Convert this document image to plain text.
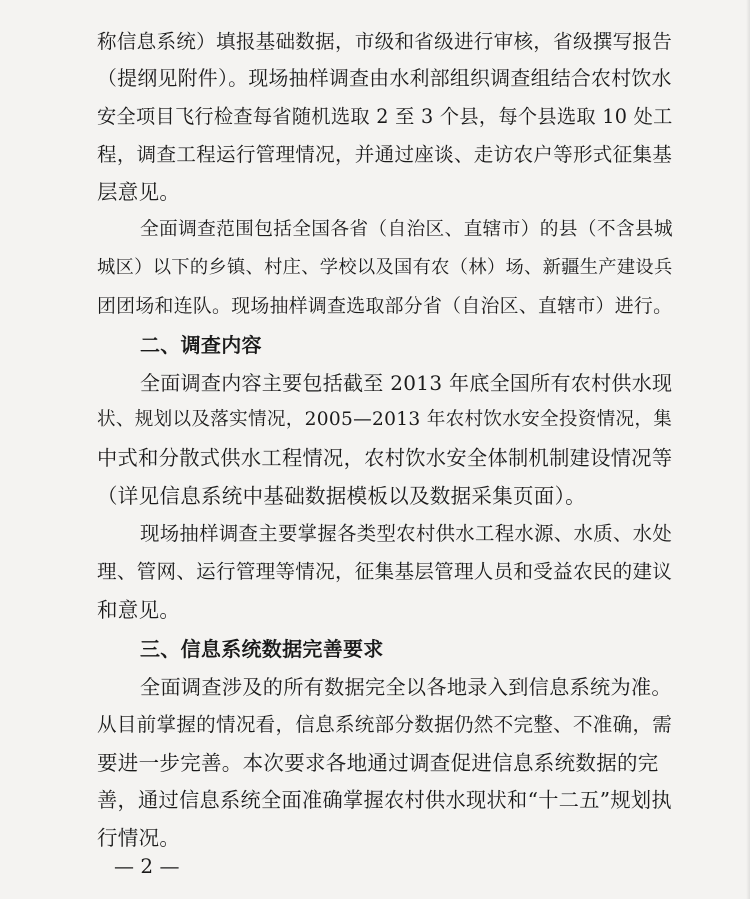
称信息系统）填报基础数据，市级和省级进行审核，省级撰写报告
（提纲见附件）。现场抽样调查由水利部组织调查组结合农村饮水
安全项目飞行检查每省随机选取 2 至 3 个县，每个县选取 10 处工
程，调查工程运行管理情况，并通过座谈、走访农户等形式征集基
层意见。
全面调查范围包括全国各省（自治区、直辖市）的县（不含县城
城区）以下的乡镇、村庄、学校以及国有农（林）场、新疆生产建设兵
团团场和连队。现场抽样调查选取部分省（自治区、直辖市）进行。
二、调查内容
全面调查内容主要包括截至 2013 年底全国所有农村供水现
状、规划以及落实情况，2005—2013 年农村饮水安全投资情况，集
中式和分散式供水工程情况，农村饮水安全体制机制建设情况等
（详见信息系统中基础数据模板以及数据采集页面）。
现场抽样调查主要掌握各类型农村供水工程水源、水质、水处
理、管网、运行管理等情况，征集基层管理人员和受益农民的建议
和意见。
三、信息系统数据完善要求
全面调查涉及的所有数据完全以各地录入到信息系统为准。
从目前掌握的情况看，信息系统部分数据仍然不完整、不准确，需
要进一步完善。本次要求各地通过调查促进信息系统数据的完
善，通过信息系统全面准确掌握农村供水现状和“十二五”规划执
行情况。
— 2 —
